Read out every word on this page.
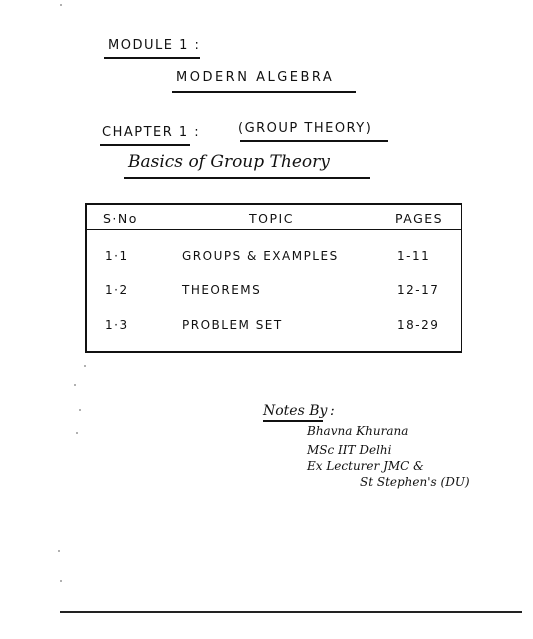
MODULE 1 :
MODERN ALGEBRA
CHAPTER 1 :	(GROUP THEORY)
Basics of Group Theory
S·No	TOPIC	PAGES
1·1	GROUPS & EXAMPLES	1-11
1·2	THEOREMS	12-17
1·3	PROBLEM SET	18-29
Notes By :
Bhavna Khurana
MSc IIT Delhi
Ex Lecturer JMC &
St Stephen's (DU)
